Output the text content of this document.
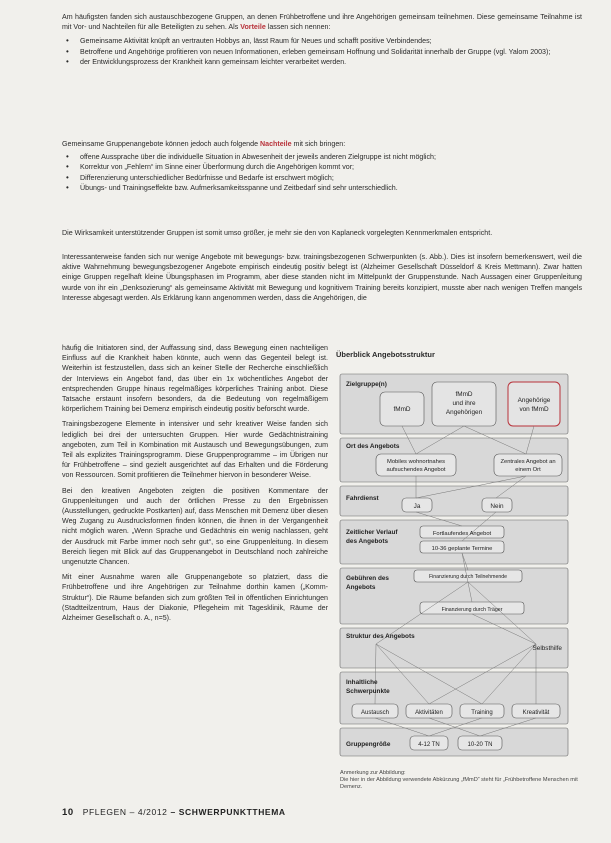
Am häufigsten fanden sich austauschbezogene Gruppen, an denen Frühbetroffene und ihre Angehörigen gemeinsam teilnehmen. Diese gemeinsame Teilnahme ist mit Vor- und Nachteilen für alle Beteiligten zu sehen. Als Vorteile lassen sich nennen:

• Gemeinsame Aktivität knüpft an vertrauten Hobbys an, lässt Raum für Neues und schafft positive Verbindendes;
• Betroffene und Angehörige profitieren von neuen Informationen, erleben gemeinsam Hoffnung und Solidarität innerhalb der Gruppe (vgl. Yalom 2003);
• der Entwicklungsprozess der Krankheit kann gemeinsam leichter verarbeitet werden.

Gemeinsame Gruppenangebote können jedoch auch folgende Nachteile mit sich bringen:

• offene Aussprache über die individuelle Situation in Abwesenheit der jeweils anderen Zielgruppe ist nicht möglich;
• Korrektur von „Fehlern“ im Sinne einer Überformung durch die Angehörigen kommt vor;
• Differenzierung unterschiedlicher Bedürfnisse und Bedarfe ist erschwert möglich;
• Übungs- und Trainingseffekte bzw. Aufmerksamkeitsspanne und Zeitbedarf sind sehr unterschiedlich.
Die Wirksamkeit unterstützender Gruppen ist somit umso größer, je mehr sie den von Kaplaneck vorgelegten Kennmerkmalen entspricht.
Interessanterweise fanden sich nur wenige Angebote mit bewegungs- bzw. trainingsbezogenen Schwerpunkten (s. Abb.). Dies ist insofern bemerkenswert, weil die aktive Wahrnehmung bewegungsbezogener Angebote empirisch eindeutig positiv belegt ist (Alzheimer Gesellschaft Düsseldorf & Kreis Mettmann). Zwar hatten einige Gruppen regelhaft kleine Übungsphasen im Programm, aber diese standen nicht im Mittelpunkt der Gruppenstunde. Nach Aussagen einer Gruppenleitung wurde von ihr ein „Denksozierung“ als gemeinsame Aktivität mit Bewegung und kognitivem Training bereits konzipiert, musste aber nach wenigen Treffen mangels Interesse abgesagt werden. Als Erklärung kann angenommen werden, dass die Angehörigen, die

häufig die Initiatoren sind, der Auffassung sind, dass Bewegung einen nachteiligen Einfluss auf die Krankheit haben könnte, auch wenn das Gegenteil belegt ist. Weiterhin ist festzustellen, dass sich an keiner Stelle der Recherche einschließlich der Interviews ein Angebot fand, das über ein 1x wöchentliches Angebot der entsprechenden Gruppe hinaus regelmäßiges körperliches Training anbot. Diese Tatsache erstaunt insofern besonders, da die Bedeutung von regelmäßigem körperlichem Training bei Demenz empirisch eindeutig positiv beforscht wurde.

Trainingsbezogene Elemente in intensiver und sehr kreativer Weise fanden sich lediglich bei drei der untersuchten Gruppen. Hier wurde Gedächtnistraining angeboten, zum Teil in Kombination mit Austausch und Bewegungsübungen, zum Teil als explizites Trainingsprogramm. Diese Gruppenprogramme – im Übrigen nur für Frühbetroffene – sind gezielt ausgerichtet auf das Erhalten und die Förderung von Ressourcen. Somit profitieren die Teilnehmer hiervon in besonderer Weise.

Bei den kreativen Angeboten zeigten die positiven Kommentare der Gruppenleitungen und auch der örtlichen Presse zu den Ergebnissen (Ausstellungen, gedruckte Postkarten) auf, dass Menschen mit Demenz über diesen Weg Zugang zu Ausdrucksformen finden können, die ihnen in der Vergangenheit nicht möglich waren. „Wenn Sprache und Gedächtnis ein wenig nachlassen, geht der Ausdruck mit Farbe immer noch sehr gut“, so eine Gruppenleitung. In diesem Bereich liegen mit Blick auf das Gruppenangebot in Deutschland noch zahlreiche ungenutzte Chancen.

Mit einer Ausnahme waren alle Gruppenangebote so platziert, dass die Frühbetroffene und ihre Angehörigen zur Teilnahme dorthin kamen („Komm-Struktur“). Die Räume befanden sich zum größten Teil in öffentlichen Einrichtungen (Stadtteilzentrum, Haus der Diakonie, Pflegeheim mit Tagesklinik, Räume der Alzheimer Gesellschaft o. A., n=5).

Überblick Angebotsstruktur
Zielgruppe(n)
fMmD
fMmD
und ihre
Angehörigen
Angehörige
von fMmD
Ort des Angebots
Mobiles wohnortnahes
aufsuchendes Angebot
Zentrales Angebot an
einem Ort
Fahrdienst
Ja	Nein
Zeitlicher Verlauf
des Angebots
Fortlaufendes Angebot
10-36 geplante Termine
Gebühren des
Angebots
Finanzierung durch Teilnehmende
Finanzierung durch Träger
Struktur des Angebots
Selbsthilfe
Inhaltliche
Schwerpunkte
Austausch	Aktivitäten	Training	Kreativität
Gruppengröße	4-12 TN	10-20 TN
Anmerkung zur Abbildung:
Die hier in der Abbildung verwendete Abkürzung „fMmD“ steht für „Frühbetroffene Menschen mit Demenz.
10 PFLEGEN – 4/2012 – SCHWERPUNKTTHEMA
